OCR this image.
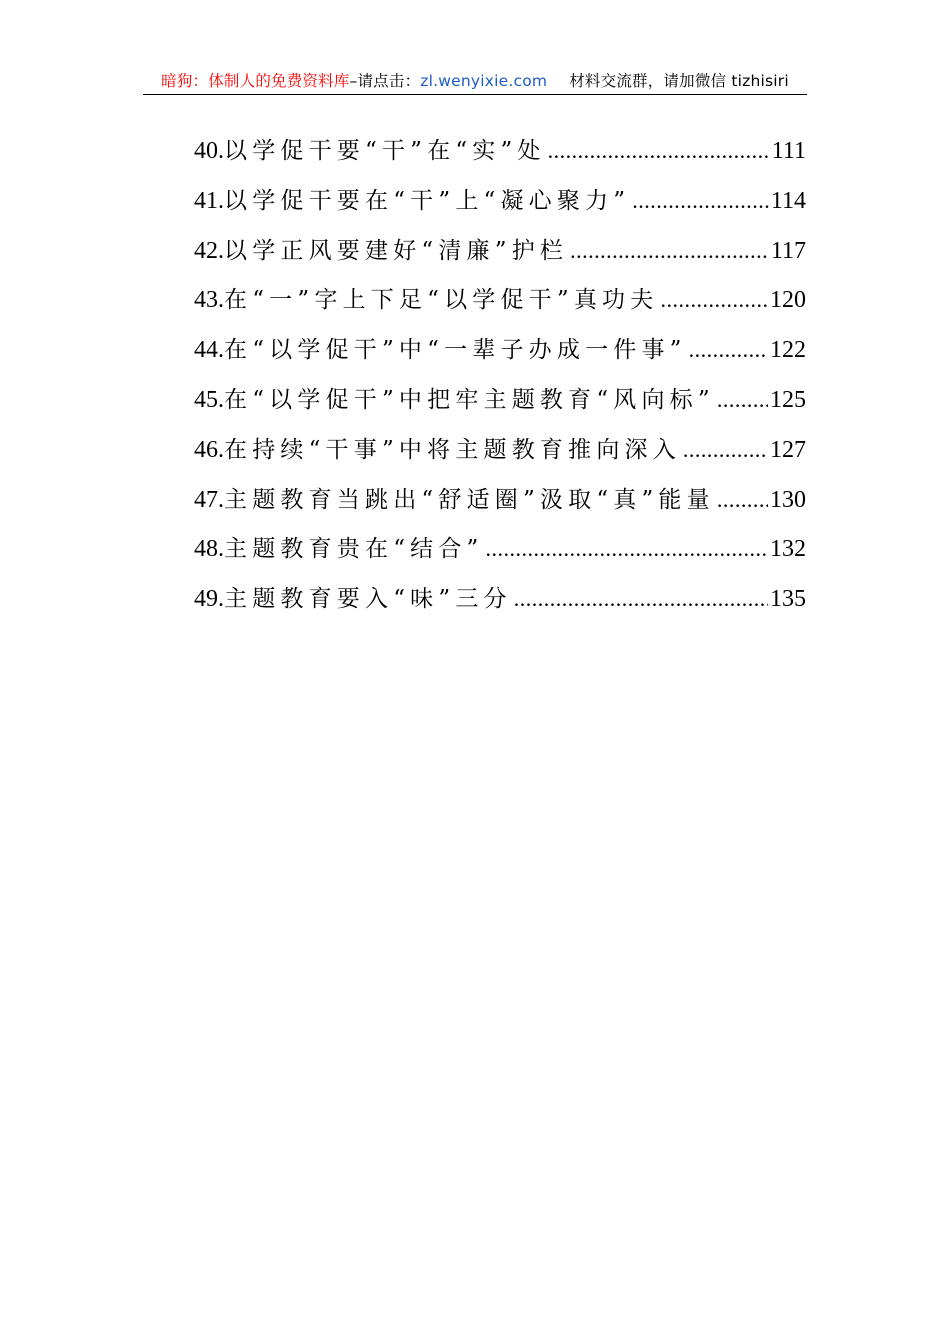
暗狗：体制人的免费资料库–请点击：zl.wenyixie.com 材料交流群，请加微信 tizhisiri
40. 以学促干要“干”在“实”处 .....	111
41. 以学促干要在“干”上“凝心聚力” .....	114
42. 以学正风要建好“清廉”护栏 .....	117
43. 在“一”字上下足“以学促干”真功夫 .....	120
44. 在“以学促干”中“一辈子办成一件事” .....	122
45. 在“以学促干”中把牢主题教育“风向标” ..... 125
46. 在持续“干事”中将主题教育推向深入 .....	127
47. 主题教育当跳出“舒适圈”汲取“真”能量 ..... 130
48. 主题教育贵在“结合” .....	132
49. 主题教育要入“味”三分 .....	135
